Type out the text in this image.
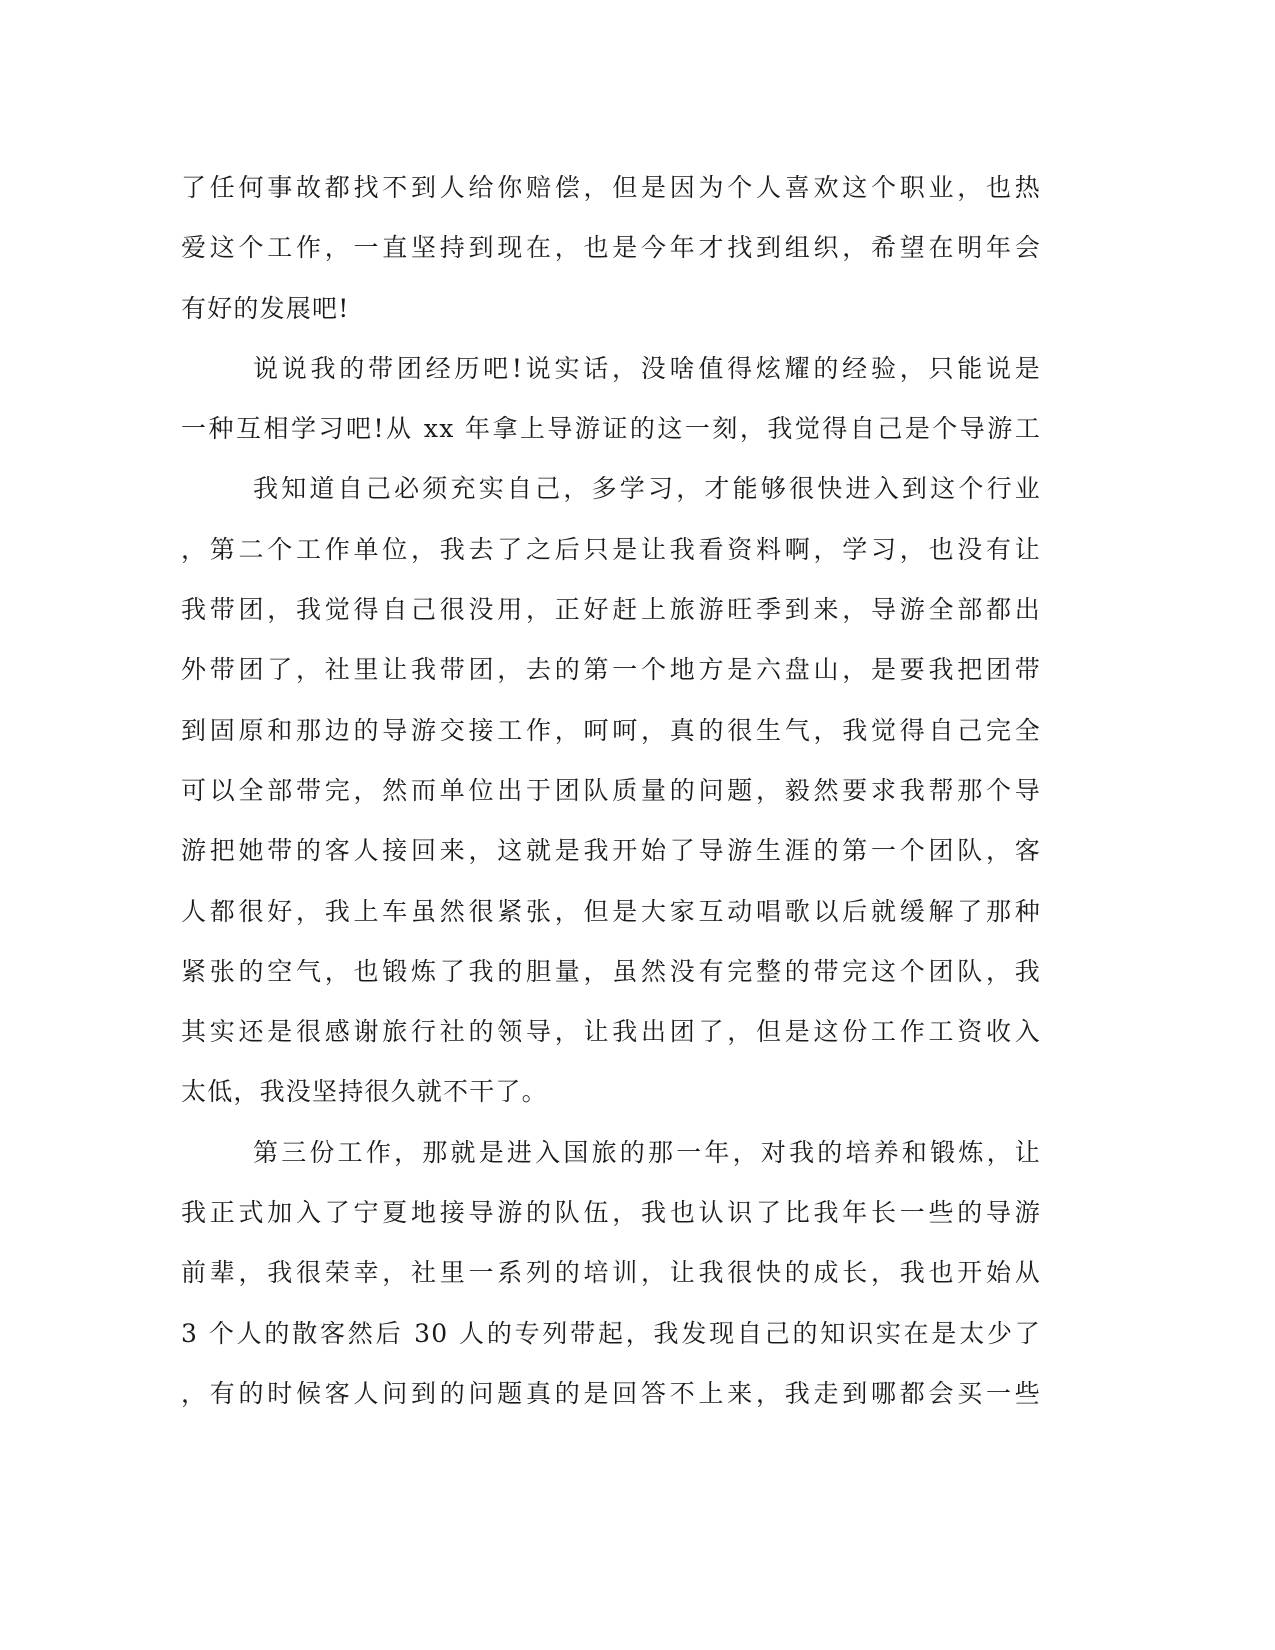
了任何事故都找不到人给你赔偿，但是因为个人喜欢这个职业，也热
爱这个工作，一直坚持到现在，也是今年才找到组织，希望在明年会
有好的发展吧!
说说我的带团经历吧!说实话，没啥值得炫耀的经验，只能说是
一种互相学习吧!从 xx 年拿上导游证的这一刻，我觉得自己是个导游工
我知道自己必须充实自己，多学习，才能够很快进入到这个行业
，第二个工作单位，我去了之后只是让我看资料啊，学习，也没有让
我带团，我觉得自己很没用，正好赶上旅游旺季到来，导游全部都出
外带团了，社里让我带团，去的第一个地方是六盘山，是要我把团带
到固原和那边的导游交接工作，呵呵，真的很生气，我觉得自己完全
可以全部带完，然而单位出于团队质量的问题，毅然要求我帮那个导
游把她带的客人接回来，这就是我开始了导游生涯的第一个团队，客
人都很好，我上车虽然很紧张，但是大家互动唱歌以后就缓解了那种
紧张的空气，也锻炼了我的胆量，虽然没有完整的带完这个团队，我
其实还是很感谢旅行社的领导，让我出团了，但是这份工作工资收入
太低，我没坚持很久就不干了。
第三份工作，那就是进入国旅的那一年，对我的培养和锻炼，让
我正式加入了宁夏地接导游的队伍，我也认识了比我年长一些的导游
前辈，我很荣幸，社里一系列的培训，让我很快的成长，我也开始从
3 个人的散客然后 30 人的专列带起，我发现自己的知识实在是太少了
，有的时候客人问到的问题真的是回答不上来，我走到哪都会买一些
